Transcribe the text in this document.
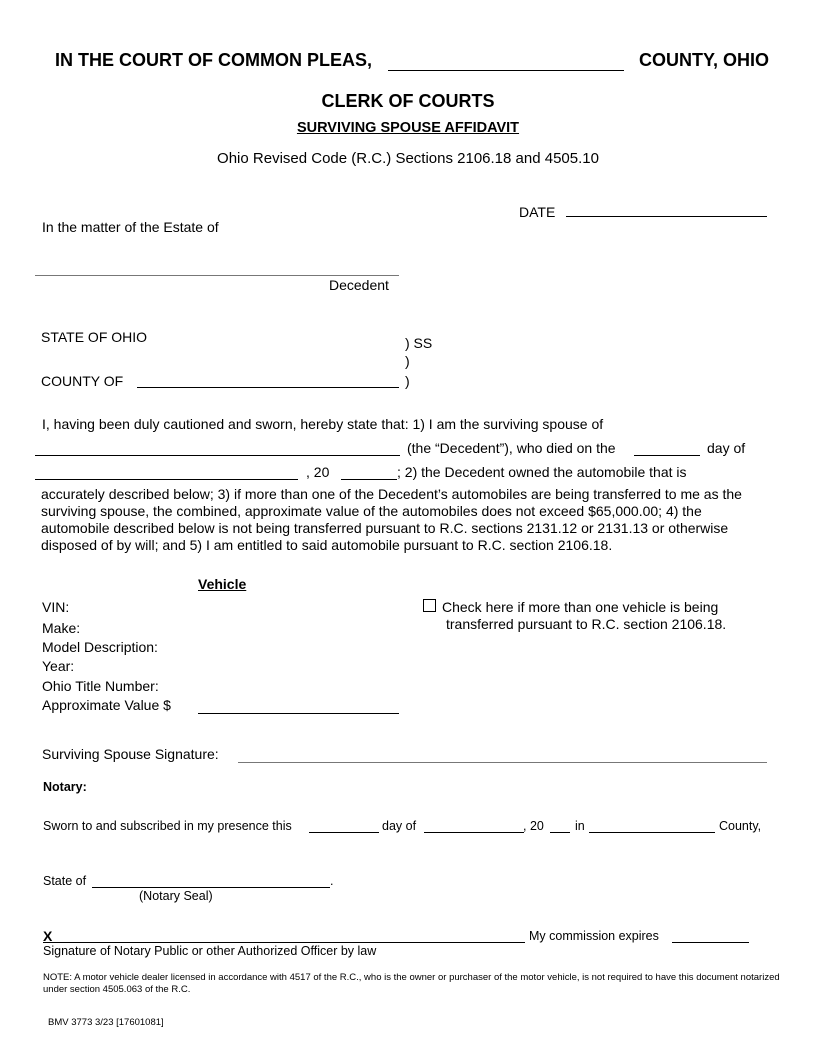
IN THE COURT OF COMMON PLEAS,	COUNTY, OHIO
CLERK OF COURTS
SURVIVING SPOUSE AFFIDAVIT
Ohio Revised Code (R.C.) Sections 2106.18 and 4505.10
DATE
In the matter of the Estate of
Decedent
STATE OF OHIO	) SS
)
)
COUNTY OF
I, having been duly cautioned and sworn, hereby state that: 1) I am the surviving spouse of
(the “Decedent”), who died on the	day of
, 20	; 2) the Decedent owned the automobile that is
accurately described below; 3) if more than one of the Decedent’s automobiles are being transferred to me as the surviving spouse, the combined, approximate value of the automobiles does not exceed $65,000.00; 4) the automobile described below is not being transferred pursuant to R.C. sections 2131.12 or 2131.13 or otherwise disposed of by will; and 5) I am entitled to said automobile pursuant to R.C. section 2106.18.
Vehicle
VIN:
Make:
Model Description:
Year:
Ohio Title Number:
Approximate Value $
Check here if more than one vehicle is being
transferred pursuant to R.C. section 2106.18.
Surviving Spouse Signature:
Notary:
Sworn to and subscribed in my presence this	day of	, 20 in	County,
State of	.
(Notary Seal)
X
Signature of Notary Public or other Authorized Officer by law
My commission expires
NOTE: A motor vehicle dealer licensed in accordance with 4517 of the R.C., who is the owner or purchaser of the motor vehicle, is not required to have this document notarized under section 4505.063 of the R.C.
BMV 3773 3/23 [17601081]
